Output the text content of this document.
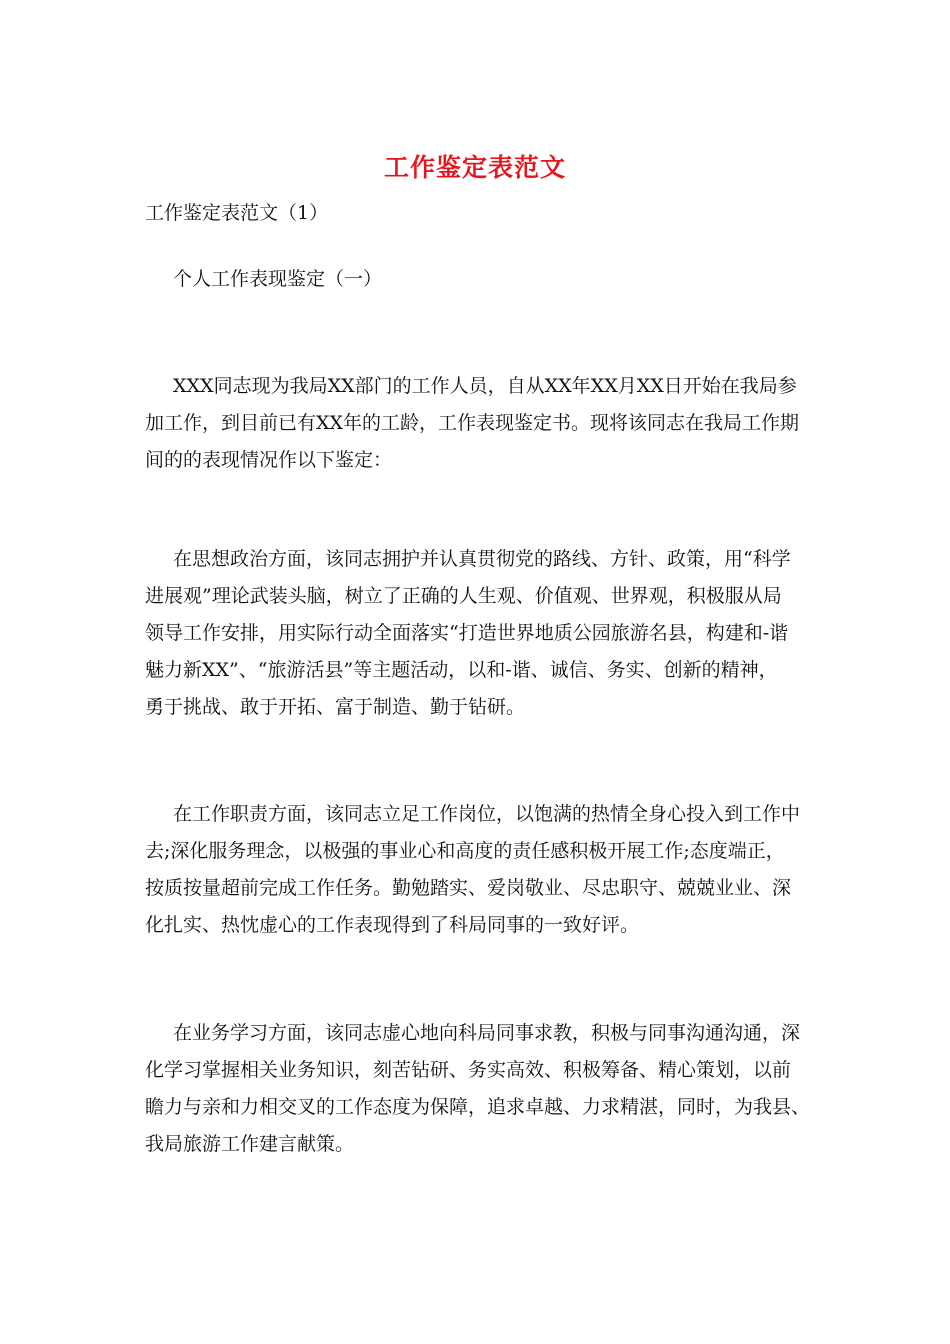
工作鉴定表范文
工作鉴定表范文（1）
个人工作表现鉴定（一）
XXX同志现为我局XX部门的工作人员，自从XX年XX月XX日开始在我局参
加工作，到目前已有XX年的工龄，工作表现鉴定书。现将该同志在我局工作期
间的的表现情况作以下鉴定：
在思想政治方面，该同志拥护并认真贯彻党的路线、方针、政策，用“科学
进展观”理论武装头脑，树立了正确的人生观、价值观、世界观，积极服从局
领导工作安排，用实际行动全面落实“打造世界地质公园旅游名县，构建和-谐
魅力新XX”、“旅游活县”等主题活动，以和-谐、诚信、务实、创新的精神，
勇于挑战、敢于开拓、富于制造、勤于钻研。
在工作职责方面，该同志立足工作岗位，以饱满的热情全身心投入到工作中
去;深化服务理念，以极强的事业心和高度的责任感积极开展工作;态度端正，
按质按量超前完成工作任务。勤勉踏实、爱岗敬业、尽忠职守、兢兢业业、深
化扎实、热忱虚心的工作表现得到了科局同事的一致好评。
在业务学习方面，该同志虚心地向科局同事求教，积极与同事沟通沟通，深
化学习掌握相关业务知识，刻苦钻研、务实高效、积极筹备、精心策划，以前
瞻力与亲和力相交叉的工作态度为保障，追求卓越、力求精湛，同时，为我县、
我局旅游工作建言献策。
